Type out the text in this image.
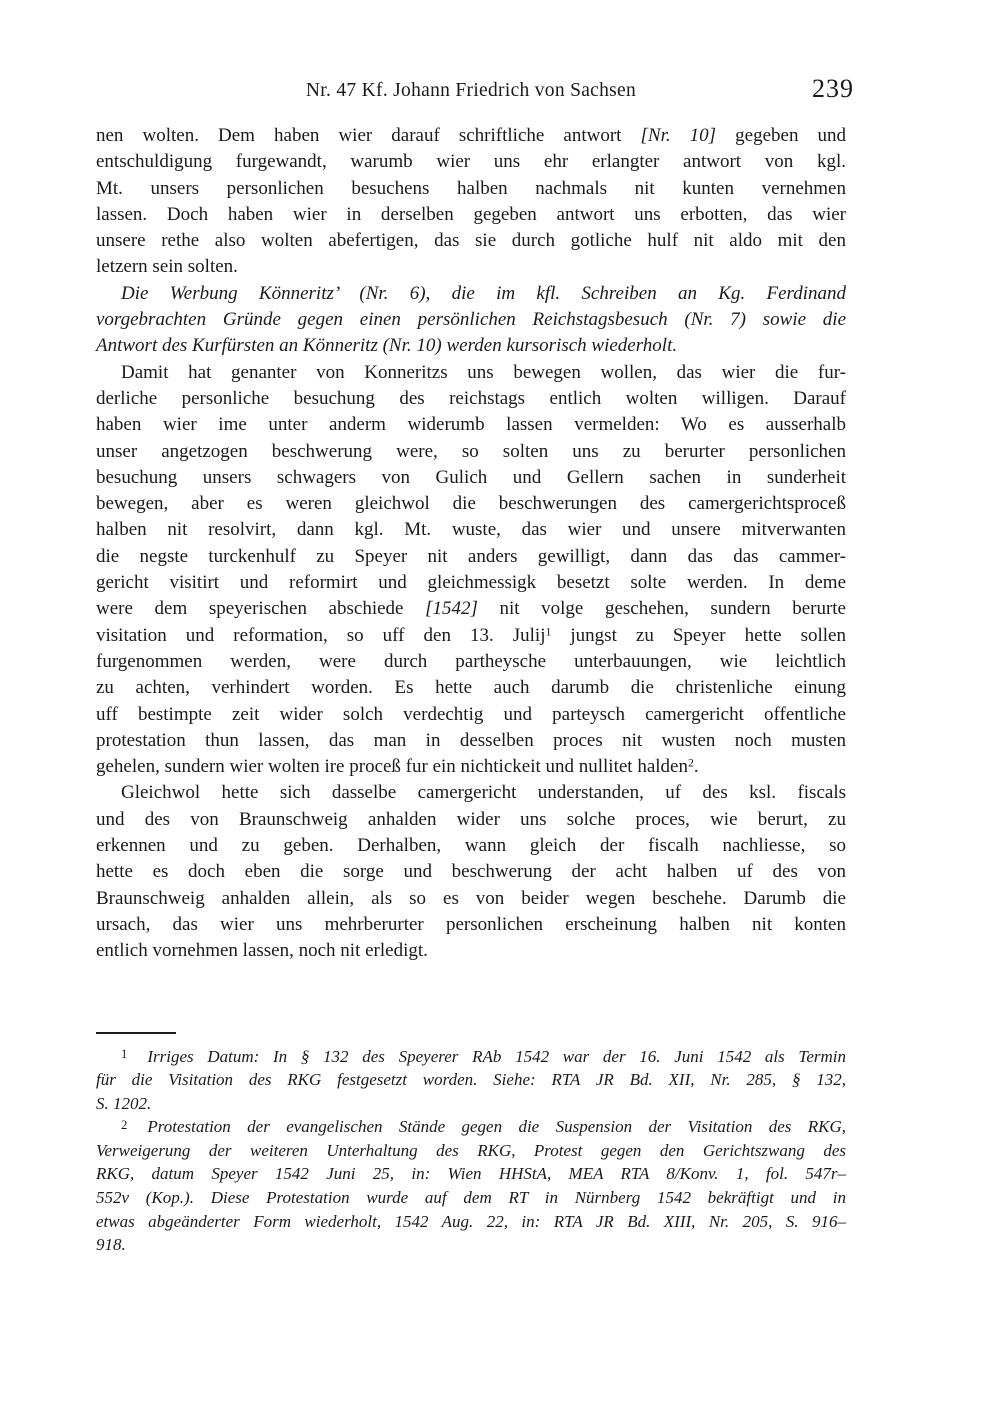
Nr. 47 Kf. Johann Friedrich von Sachsen	239
nen wolten. Dem haben wier darauf schriftliche antwort [Nr. 10] gegeben und
entschuldigung furgewandt, warumb wier uns ehr erlangter antwort von kgl.
Mt. unsers personlichen besuchens halben nachmals nit kunten vernehmen
lassen. Doch haben wier in derselben gegeben antwort uns erbotten, das wier
unsere rethe also wolten abefertigen, das sie durch gotliche hulf nit aldo mit den
letzern sein solten.
Die Werbung Könneritz’ (Nr. 6), die im kfl. Schreiben an Kg. Ferdinand
vorgebrachten Gründe gegen einen persönlichen Reichstagsbesuch (Nr. 7) sowie die
Antwort des Kurfürsten an Könneritz (Nr. 10) werden kursorisch wiederholt.
Damit hat genanter von Konneritzs uns bewegen wollen, das wier die fur-
derliche personliche besuchung des reichstags entlich wolten willigen. Darauf
haben wier ime unter anderm widerumb lassen vermelden: Wo es ausserhalb
unser angetzogen beschwerung were, so solten uns zu berurter personlichen
besuchung unsers schwagers von Gulich und Gellern sachen in sunderheit
bewegen, aber es weren gleichwol die beschwerungen des camergerichtsproceß
halben nit resolvirt, dann kgl. Mt. wuste, das wier und unsere mitverwanten
die negste turckenhulf zu Speyer nit anders gewilligt, dann das das cammer-
gericht visitirt und reformirt und gleichmessigk besetzt solte werden. In deme
were dem speyerischen abschiede [1542] nit volge geschehen, sundern berurte
visitation und reformation, so uff den 13. Julij$^1$ jungst zu Speyer hette sollen
furgenommen werden, were durch partheysche unterbauungen, wie leichtlich
zu achten, verhindert worden. Es hette auch darumb die christenliche einung
uff bestimpte zeit wider solch verdechtig und parteysch camergericht offentliche
protestation thun lassen, das man in desselben proces nit wusten noch musten
gehelen, sundern wier wolten ire proceß fur ein nichtickeit und nullitet halden$^2$.
Gleichwol hette sich dasselbe camergericht understanden, uf des ksl. fiscals
und des von Braunschweig anhalden wider uns solche proces, wie berurt, zu
erkennen und zu geben. Derhalben, wann gleich der fiscalh nachliesse, so
hette es doch eben die sorge und beschwerung der acht halben uf des von
Braunschweig anhalden allein, als so es von beider wegen beschehe. Darumb die
ursach, das wier uns mehrberurter personlichen erscheinung halben nit konten
entlich vornehmen lassen, noch nit erledigt.
$^1$ Irriges Datum: In § 132 des Speyerer RAb 1542 war der 16. Juni 1542 als Termin
für die Visitation des RKG festgesetzt worden. Siehe: RTA JR Bd. XII, Nr. 285, § 132,
S. 1202.
$^2$ Protestation der evangelischen Stände gegen die Suspension der Visitation des RKG,
Verweigerung der weiteren Unterhaltung des RKG, Protest gegen den Gerichtszwang des
RKG, datum Speyer 1542 Juni 25, in: Wien HHStA, MEA RTA 8/Konv. 1, fol. 547r–
552v (Kop.). Diese Protestation wurde auf dem RT in Nürnberg 1542 bekräftigt und in
etwas abgeänderter Form wiederholt, 1542 Aug. 22, in: RTA JR Bd. XIII, Nr. 205, S. 916–
918.
